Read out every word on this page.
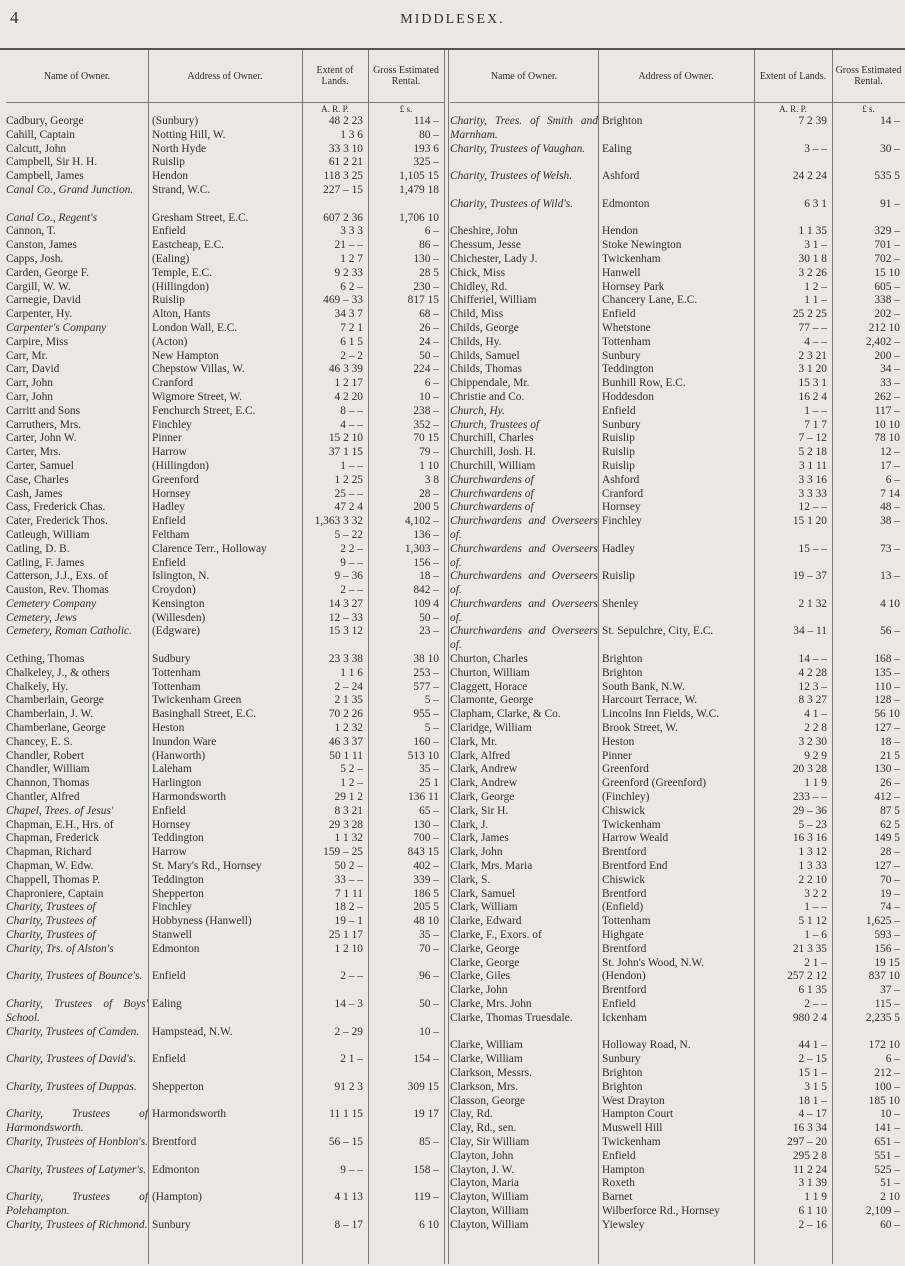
4	MIDDLESEX.
Name of Owner.	Address of Owner.	Extent of Lands.	Gross Estimated Rental.
		A. R. P.	£ s.
Cadbury, George	(Sunbury)	48 2 23	114 –
Cahill, Captain	Notting Hill, W.	1 3 6	80 –
Calcutt, John	North Hyde	33 3 10	193 6
Campbell, Sir H. H.	Ruislip	61 2 21	325 –
Campbell, James	Hendon	118 3 25	1,105 15
Canal Co., Grand Junction.	Strand, W.C.	227 – 15	1,479 18
Canal Co., Regent's	Gresham Street, E.C.	607 2 36	1,706 10
Cannon, T.	Enfield	3 3 3	6 –
Canston, James	Eastcheap, E.C.	21 – –	86 –
Capps, Josh.	(Ealing)	1 2 7	130 –
Carden, George F.	Temple, E.C.	9 2 33	28 5
Cargill, W. W.	(Hillingdon)	6 2 –	230 –
Carnegie, David	Ruislip	469 – 33	817 15
Carpenter, Hy.	Alton, Hants	34 3 7	68 –
Carpenter's Company	London Wall, E.C.	7 2 1	26 –
Carpire, Miss	(Acton)	6 1 5	24 –
Carr, Mr.	New Hampton	2 – 2	50 –
Carr, David	Chepstow Villas, W.	46 3 39	224 –
Carr, John	Cranford	1 2 17	6 –
Carr, John	Wigmore Street, W.	4 2 20	10 –
Carritt and Sons	Fenchurch Street, E.C.	8 – –	238 –
Carruthers, Mrs.	Finchley	4 – –	352 –
Carter, John W.	Pinner	15 2 10	70 15
Carter, Mrs.	Harrow	37 1 15	79 –
Carter, Samuel	(Hillingdon)	1 – –	1 10
Case, Charles	Greenford	1 2 25	3 8
Cash, James	Hornsey	25 – –	28 –
Cass, Frederick Chas.	Hadley	47 2 4	200 5
Cater, Frederick Thos.	Enfield	1,363 3 32	4,102 –
Catleugh, William	Feltham	5 – 22	136 –
Catling, D. B.	Clarence Terr., Holloway	2 2 –	1,303 –
Catling, F. James	Enfield	9 – –	156 –
Catterson, J.J., Exs. of	Islington, N.	9 – 36	18 –
Causton, Rev. Thomas	Croydon)	2 – –	842 –
Cemetery Company	Kensington	14 3 27	109 4
Cemetery, Jews	(Willesden)	12 – 33	50 –
Cemetery, Roman Catholic.	(Edgware)	15 3 12	23 –
Cething, Thomas	Sudbury	23 3 38	38 10
Chalkeley, J., & others	Tottenham	1 1 6	253 –
Chalkely, Hy.	Tottenham	2 – 24	577 –
Chamberlain, George	Twickenham Green	2 1 35	5 –
Chamberlain, J. W.	Basinghall Street, E.C.	70 2 26	955 –
Chamberlane, George	Heston	1 2 32	5 –
Chancey, E. S.	Inundon Ware	46 3 37	160 –
Chandler, Robert	(Hanworth)	50 1 11	513 10
Chandler, William	Laleham	5 2 –	35 –
Channon, Thomas	Harlington	1 2 –	25 1
Chantler, Alfred	Harmondsworth	29 1 2	136 11
Chapel, Trees. of Jesus'	Enfield	8 3 21	65 –
Chapman, E.H., Hrs. of	Hornsey	29 3 28	130 –
Chapman, Frederick	Teddington	1 1 32	700 –
Chapman, Richard	Harrow	159 – 25	843 15
Chapman, W. Edw.	St. Mary's Rd., Hornsey	50 2 –	402 –
Chappell, Thomas P.	Teddington	33 – –	339 –
Chaproniere, Captain	Shepperton	7 1 11	186 5
Charity, Trustees of	Finchley	18 2 –	205 5
Charity, Trustees of	Hobbyness (Hanwell)	19 – 1	48 10
Charity, Trustees of	Stanwell	25 1 17	35 –
Charity, Trs. of Alston's	Edmonton	1 2 10	70 –
Charity, Trustees of Bounce's.	Enfield	2 – –	96 –
Charity, Trustees of Boys' School.	Ealing	14 – 3	50 –
Charity, Trustees of Camden.	Hampstead, N.W.	2 – 29	10 –
Charity, Trustees of David's.	Enfield	2 1 –	154 –
Charity, Trustees of Duppas.	Shepperton	91 2 3	309 15
Charity, Trustees of Harmondsworth.	Harmondsworth	11 1 15	19 17
Charity, Trustees of Honblon's.	Brentford	56 – 15	85 –
Charity, Trustees of Latymer's.	Edmonton	9 – –	158 –
Charity, Trustees of Polehampton.	(Hampton)	4 1 13	119 –
Charity, Trustees of Richmond.	Sunbury	8 – 17	6 10
Name of Owner.	Address of Owner.	Extent of Lands.	Gross Estimated Rental.
		A. R. P.	£ s.
Charity, Trees. of Smith and Marnham.	Brighton	7 2 39	14 –
Charity, Trustees of Vaughan.	Ealing	3 – –	30 –
Charity, Trustees of Welsh.	Ashford	24 2 24	535 5
Charity, Trustees of Wild's.	Edmonton	6 3 1	91 –
Cheshire, John	Hendon	1 1 35	329 –
Chessum, Jesse	Stoke Newington	3 1 –	701 –
Chichester, Lady J.	Twickenham	30 1 8	702 –
Chick, Miss	Hanwell	3 2 26	15 10
Chidley, Rd.	Hornsey Park	1 2 –	605 –
Chifferiel, William	Chancery Lane, E.C.	1 1 –	338 –
Child, Miss	Enfield	25 2 25	202 –
Childs, George	Whetstone	77 – –	212 10
Childs, Hy.	Tottenham	4 – –	2,402 –
Childs, Samuel	Sunbury	2 3 21	200 –
Childs, Thomas	Teddington	3 1 20	34 –
Chippendale, Mr.	Bunhill Row, E.C.	15 3 1	33 –
Christie and Co.	Hoddesdon	16 2 4	262 –
Church, Hy.	Enfield	1 – –	117 –
Church, Trustees of	Sunbury	7 1 7	10 10
Churchill, Charles	Ruislip	7 – 12	78 10
Churchill, Josh. H.	Ruislip	5 2 18	12 –
Churchill, William	Ruislip	3 1 11	17 –
Churchwardens of	Ashford	3 3 16	6 –
Churchwardens of	Cranford	3 3 33	7 14
Churchwardens of	Hornsey	12 – –	48 –
Churchwardens and Overseers of.	Finchley	15 1 20	38 –
Churchwardens and Overseers of.	Hadley	15 – –	73 –
Churchwardens and Overseers of.	Ruislip	19 – 37	13 –
Churchwardens and Overseers of.	Shenley	2 1 32	4 10
Churchwardens and Overseers of.	St. Sepulchre, City, E.C.	34 – 11	56 –
Churton, Charles	Brighton	14 – –	168 –
Churton, William	Brighton	4 2 28	135 –
Claggett, Horace	South Bank, N.W.	12 3 –	110 –
Clamonte, George	Harcourt Terrace, W.	8 3 27	128 –
Clapham, Clarke, & Co.	Lincolns Inn Fields, W.C.	4 1 –	56 10
Claridge, William	Brook Street, W.	2 2 8	127 –
Clark, Mr.	Heston	3 2 30	18 –
Clark, Alfred	Pinner	9 2 9	21 5
Clark, Andrew	Greenford	20 3 28	130 –
Clark, Andrew	Greenford (Greenford)	1 1 9	26 –
Clark, George	(Finchley)	233 – –	412 –
Clark, Sir H.	Chiswick	29 – 36	87 5
Clark, J.	Twickenham	5 – 23	62 5
Clark, James	Harrow Weald	16 3 16	149 5
Clark, John	Brentford	1 3 12	28 –
Clark, Mrs. Maria	Brentford End	1 3 33	127 –
Clark, S.	Chiswick	2 2 10	70 –
Clark, Samuel	Brentford	3 2 2	19 –
Clark, William	(Enfield)	1 – –	74 –
Clarke, Edward	Tottenham	5 1 12	1,625 –
Clarke, F., Exors. of	Highgate	1 – 6	593 –
Clarke, George	Brentford	21 3 35	156 –
Clarke, George	St. John's Wood, N.W.	2 1 –	19 15
Clarke, Giles	(Hendon)	257 2 12	837 10
Clarke, John	Brentford	6 1 35	37 –
Clarke, Mrs. John	Enfield	2 – –	115 –
Clarke, Thomas Truesdale.	Ickenham	980 2 4	2,235 5
Clarke, William	Holloway Road, N.	44 1 –	172 10
Clarke, William	Sunbury	2 – 15	6 –
Clarkson, Messrs.	Brighton	15 1 –	212 –
Clarkson, Mrs.	Brighton	3 1 5	100 –
Classon, George	West Drayton	18 1 –	185 10
Clay, Rd.	Hampton Court	4 – 17	10 –
Clay, Rd., sen.	Muswell Hill	16 3 34	141 –
Clay, Sir William	Twickenham	297 – 20	651 –
Clayton, John	Enfield	295 2 8	551 –
Clayton, J. W.	Hampton	11 2 24	525 –
Clayton, Maria	Roxeth	3 1 39	51 –
Clayton, William	Barnet	1 1 9	2 10
Clayton, William	Wilberforce Rd., Hornsey	6 1 10	2,109 –
Clayton, William	Yiewsley	2 – 16	60 –
